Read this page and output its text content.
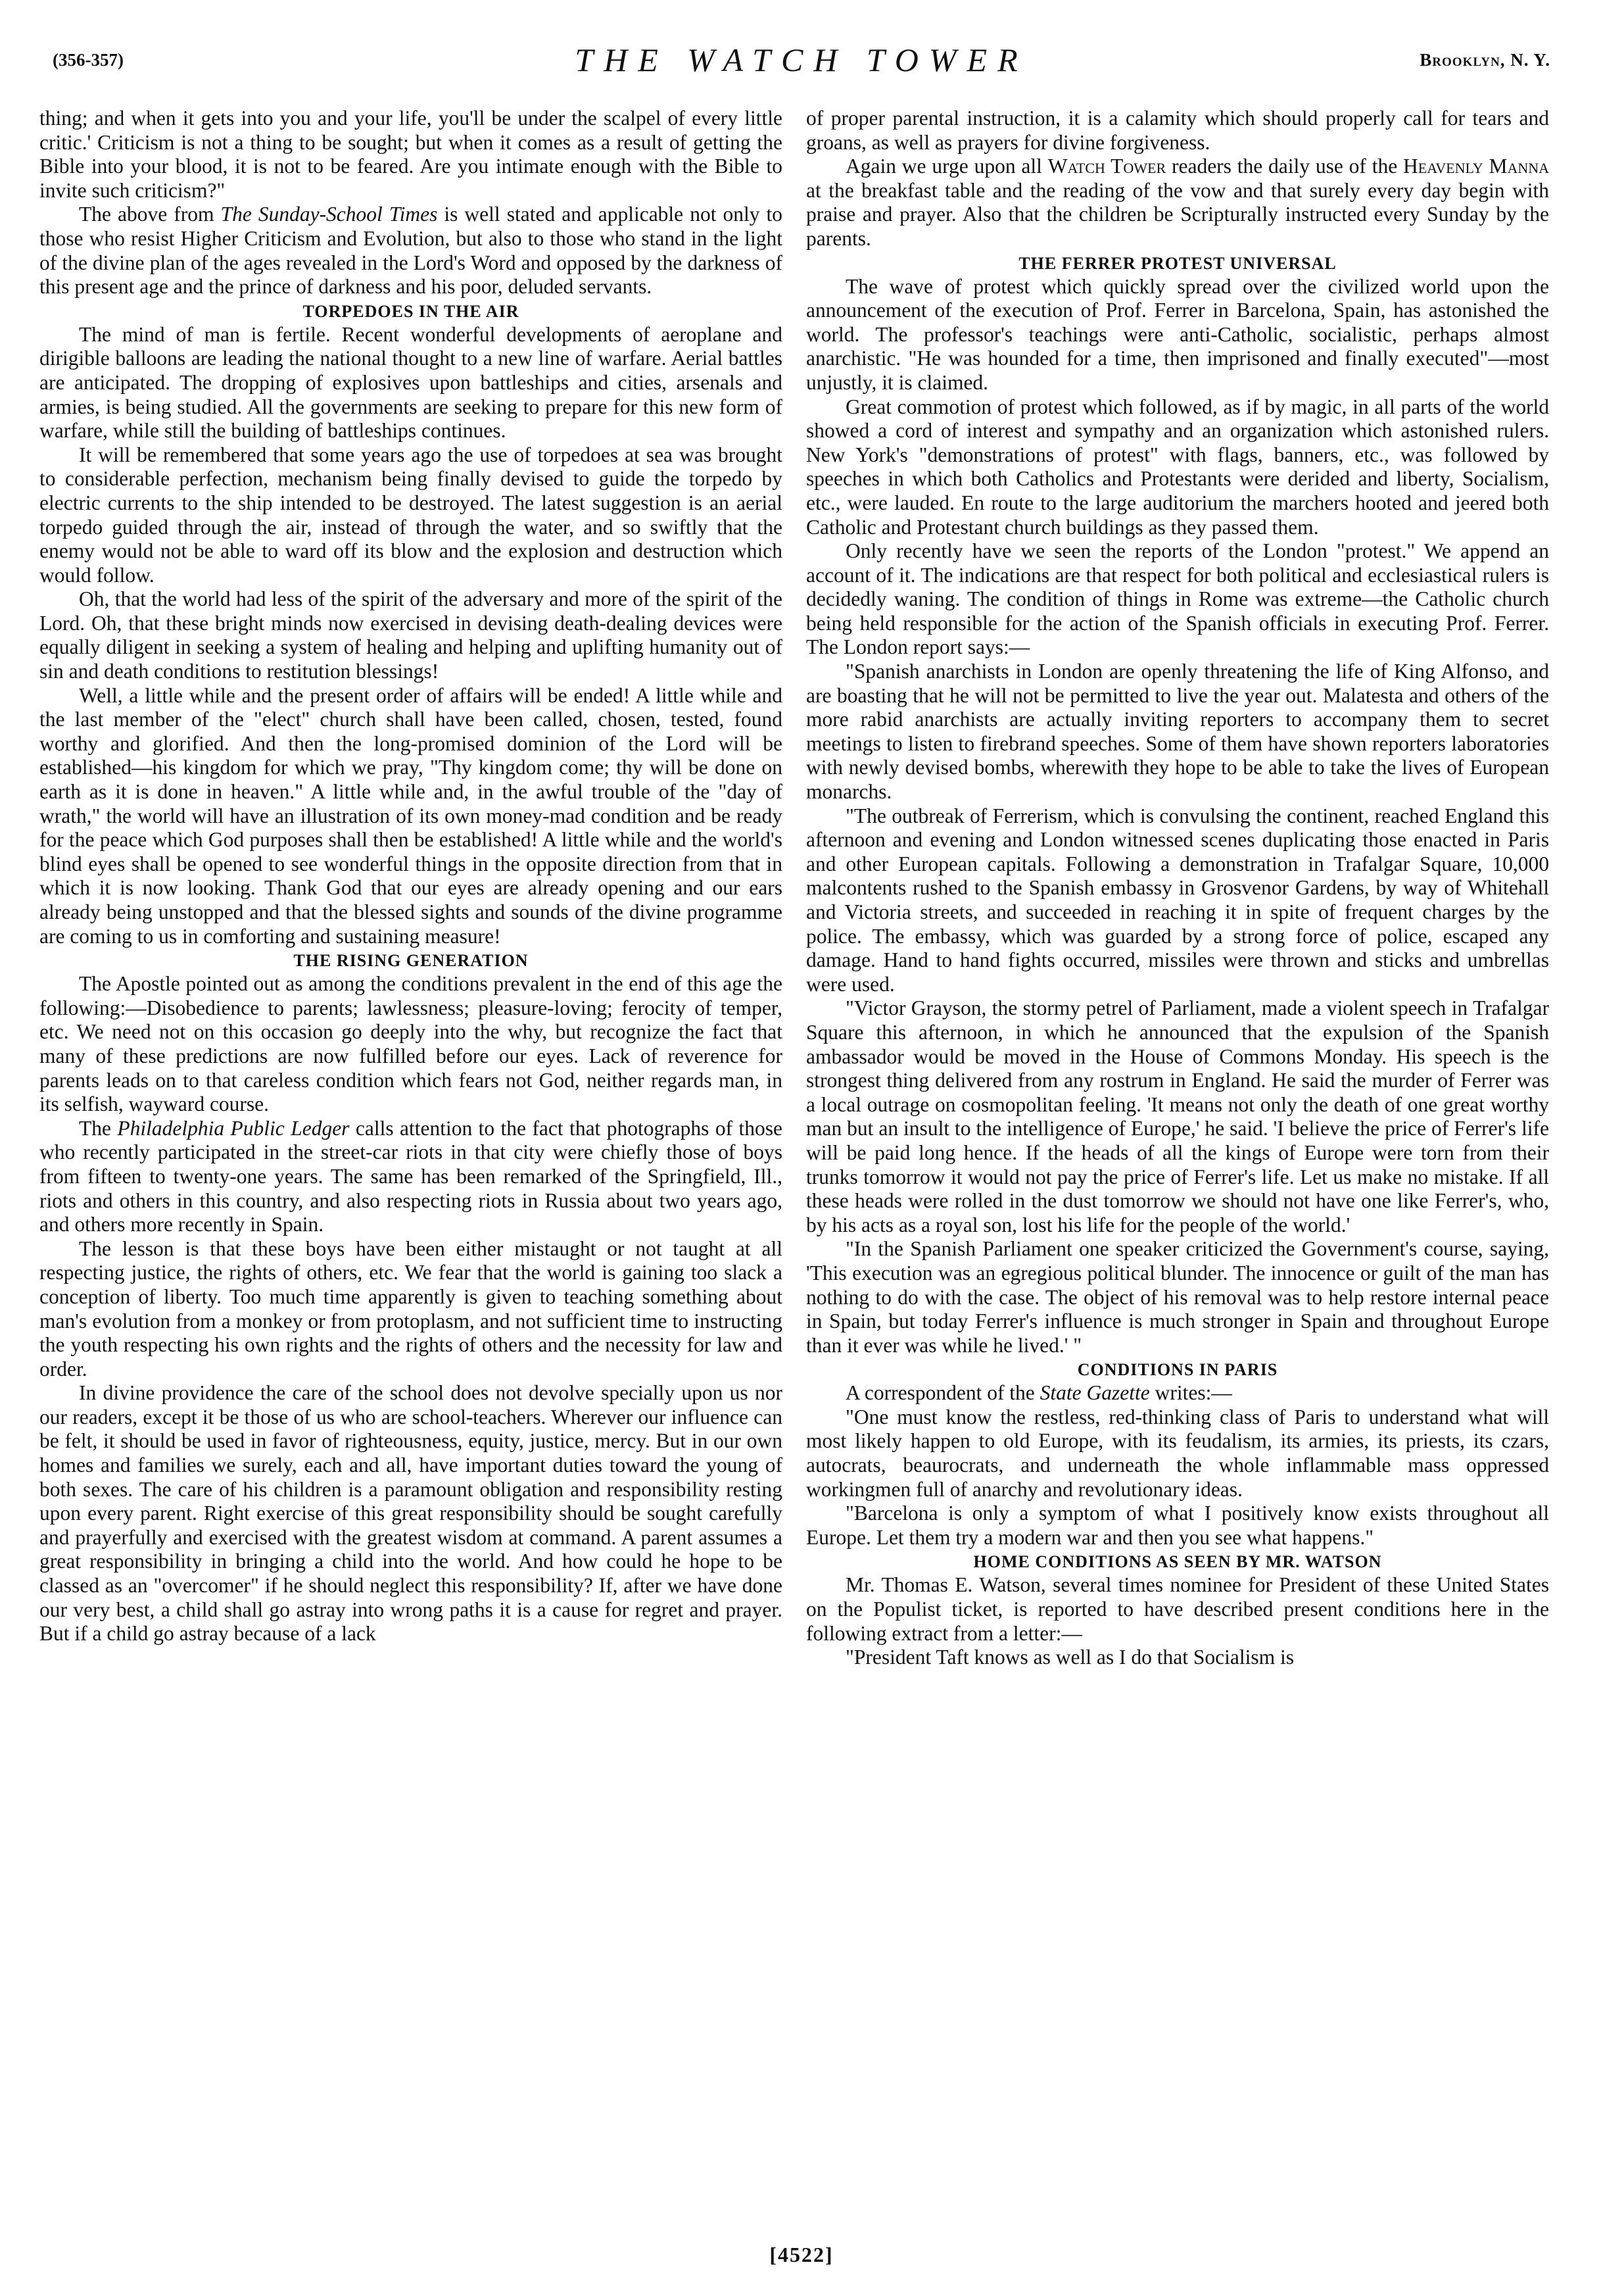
(356-357)	THE WATCH TOWER	Brooklyn, N. Y.

thing; and when it gets into you and your life, you'll be under the scalpel of every little critic.' Criticism is not a thing to be sought; but when it comes as a result of getting the Bible into your blood, it is not to be feared. Are you intimate enough with the Bible to invite such criticism?"

The above from The Sunday-School Times is well stated and applicable not only to those who resist Higher Criticism and Evolution, but also to those who stand in the light of the divine plan of the ages revealed in the Lord's Word and opposed by the darkness of this present age and the prince of darkness and his poor, deluded servants.

TORPEDOES IN THE AIR

The mind of man is fertile. Recent wonderful developments of aeroplane and dirigible balloons are leading the national thought to a new line of warfare. Aerial battles are anticipated. The dropping of explosives upon battleships and cities, arsenals and armies, is being studied. All the governments are seeking to prepare for this new form of warfare, while still the building of battleships continues.

It will be remembered that some years ago the use of torpedoes at sea was brought to considerable perfection, mechanism being finally devised to guide the torpedo by electric currents to the ship intended to be destroyed. The latest suggestion is an aerial torpedo guided through the air, instead of through the water, and so swiftly that the enemy would not be able to ward off its blow and the explosion and destruction which would follow.

Oh, that the world had less of the spirit of the adversary and more of the spirit of the Lord. Oh, that these bright minds now exercised in devising death-dealing devices were equally diligent in seeking a system of healing and helping and uplifting humanity out of sin and death conditions to restitution blessings!

Well, a little while and the present order of affairs will be ended! A little while and the last member of the "elect" church shall have been called, chosen, tested, found worthy and glorified. And then the long-promised dominion of the Lord will be established—his kingdom for which we pray, "Thy kingdom come; thy will be done on earth as it is done in heaven." A little while and, in the awful trouble of the "day of wrath," the world will have an illustration of its own money-mad condition and be ready for the peace which God purposes shall then be established! A little while and the world's blind eyes shall be opened to see wonderful things in the opposite direction from that in which it is now looking. Thank God that our eyes are already opening and our ears already being unstopped and that the blessed sights and sounds of the divine programme are coming to us in comforting and sustaining measure!

THE RISING GENERATION

The Apostle pointed out as among the conditions prevalent in the end of this age the following:—Disobedience to parents; lawlessness; pleasure-loving; ferocity of temper, etc. We need not on this occasion go deeply into the why, but recognize the fact that many of these predictions are now fulfilled before our eyes. Lack of reverence for parents leads on to that careless condition which fears not God, neither regards man, in its selfish, wayward course.

The Philadelphia Public Ledger calls attention to the fact that photographs of those who recently participated in the street-car riots in that city were chiefly those of boys from fifteen to twenty-one years. The same has been remarked of the Springfield, Ill., riots and others in this country, and also respecting riots in Russia about two years ago, and others more recently in Spain.

The lesson is that these boys have been either mistaught or not taught at all respecting justice, the rights of others, etc. We fear that the world is gaining too slack a conception of liberty. Too much time apparently is given to teaching something about man's evolution from a monkey or from protoplasm, and not sufficient time to instructing the youth respecting his own rights and the rights of others and the necessity for law and order.

In divine providence the care of the school does not devolve specially upon us nor our readers, except it be those of us who are school-teachers. Wherever our influence can be felt, it should be used in favor of righteousness, equity, justice, mercy. But in our own homes and families we surely, each and all, have important duties toward the young of both sexes. The care of his children is a paramount obligation and responsibility resting upon every parent. Right exercise of this great responsibility should be sought carefully and prayerfully and exercised with the greatest wisdom at command. A parent assumes a great responsibility in bringing a child into the world. And how could he hope to be classed as an "overcomer" if he should neglect this responsibility? If, after we have done our very best, a child shall go astray into wrong paths it is a cause for regret and prayer. But if a child go astray because of a lack

of proper parental instruction, it is a calamity which should properly call for tears and groans, as well as prayers for divine forgiveness.

Again we urge upon all Watch Tower readers the daily use of the Heavenly Manna at the breakfast table and the reading of the vow and that surely every day begin with praise and prayer. Also that the children be Scripturally instructed every Sunday by the parents.

THE FERRER PROTEST UNIVERSAL

The wave of protest which quickly spread over the civilized world upon the announcement of the execution of Prof. Ferrer in Barcelona, Spain, has astonished the world. The professor's teachings were anti-Catholic, socialistic, perhaps almost anarchistic. "He was hounded for a time, then imprisoned and finally executed"—most unjustly, it is claimed.

Great commotion of protest which followed, as if by magic, in all parts of the world showed a cord of interest and sympathy and an organization which astonished rulers. New York's "demonstrations of protest" with flags, banners, etc., was followed by speeches in which both Catholics and Protestants were derided and liberty, Socialism, etc., were lauded. En route to the large auditorium the marchers hooted and jeered both Catholic and Protestant church buildings as they passed them.

Only recently have we seen the reports of the London "protest." We append an account of it. The indications are that respect for both political and ecclesiastical rulers is decidedly waning. The condition of things in Rome was extreme—the Catholic church being held responsible for the action of the Spanish officials in executing Prof. Ferrer. The London report says:—

"Spanish anarchists in London are openly threatening the life of King Alfonso, and are boasting that he will not be permitted to live the year out. Malatesta and others of the more rabid anarchists are actually inviting reporters to accompany them to secret meetings to listen to firebrand speeches. Some of them have shown reporters laboratories with newly devised bombs, wherewith they hope to be able to take the lives of European monarchs.

"The outbreak of Ferrerism, which is convulsing the continent, reached England this afternoon and evening and London witnessed scenes duplicating those enacted in Paris and other European capitals. Following a demonstration in Trafalgar Square, 10,000 malcontents rushed to the Spanish embassy in Grosvenor Gardens, by way of Whitehall and Victoria streets, and succeeded in reaching it in spite of frequent charges by the police. The embassy, which was guarded by a strong force of police, escaped any damage. Hand to hand fights occurred, missiles were thrown and sticks and umbrellas were used.

"Victor Grayson, the stormy petrel of Parliament, made a violent speech in Trafalgar Square this afternoon, in which he announced that the expulsion of the Spanish ambassador would be moved in the House of Commons Monday. His speech is the strongest thing delivered from any rostrum in England. He said the murder of Ferrer was a local outrage on cosmopolitan feeling. 'It means not only the death of one great worthy man but an insult to the intelligence of Europe,' he said. 'I believe the price of Ferrer's life will be paid long hence. If the heads of all the kings of Europe were torn from their trunks tomorrow it would not pay the price of Ferrer's life. Let us make no mistake. If all these heads were rolled in the dust tomorrow we should not have one like Ferrer's, who, by his acts as a royal son, lost his life for the people of the world.'

"In the Spanish Parliament one speaker criticized the Government's course, saying, 'This execution was an egregious political blunder. The innocence or guilt of the man has nothing to do with the case. The object of his removal was to help restore internal peace in Spain, but today Ferrer's influence is much stronger in Spain and throughout Europe than it ever was while he lived.' "

CONDITIONS IN PARIS

A correspondent of the State Gazette writes:—

"One must know the restless, red-thinking class of Paris to understand what will most likely happen to old Europe, with its feudalism, its armies, its priests, its czars, autocrats, beaurocrats, and underneath the whole inflammable mass oppressed workingmen full of anarchy and revolutionary ideas.

"Barcelona is only a symptom of what I positively know exists throughout all Europe. Let them try a modern war and then you see what happens."

HOME CONDITIONS AS SEEN BY MR. WATSON

Mr. Thomas E. Watson, several times nominee for President of these United States on the Populist ticket, is reported to have described present conditions here in the following extract from a letter:—

"President Taft knows as well as I do that Socialism is

[4522]
